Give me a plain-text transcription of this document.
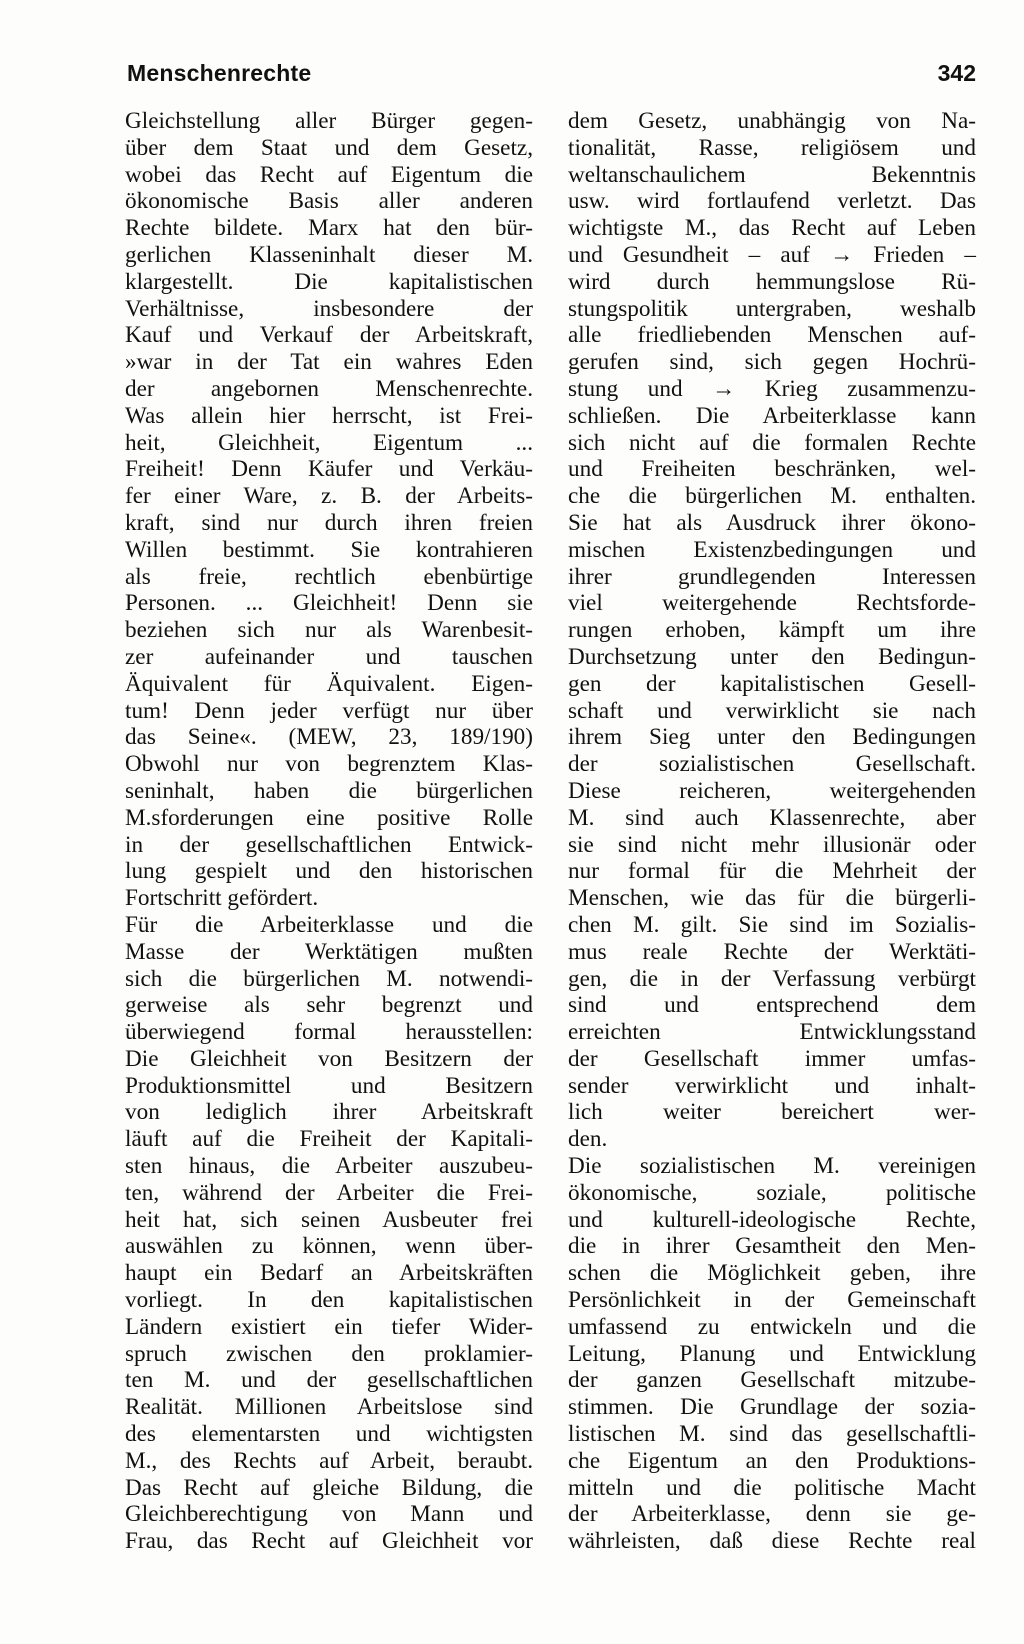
Menschenrechte	342
Gleichstellung aller Bürger gegen-
über dem Staat und dem Gesetz,
wobei das Recht auf Eigentum die
ökonomische Basis aller anderen
Rechte bildete. Marx hat den bür-
gerlichen Klasseninhalt dieser M.
klargestellt. Die kapitalistischen
Verhältnisse, insbesondere der
Kauf und Verkauf der Arbeitskraft,
»war in der Tat ein wahres Eden
der angebornen Menschenrechte.
Was allein hier herrscht, ist Frei-
heit, Gleichheit, Eigentum ...
Freiheit! Denn Käufer und Verkäu-
fer einer Ware, z. B. der Arbeits-
kraft, sind nur durch ihren freien
Willen bestimmt. Sie kontrahieren
als freie, rechtlich ebenbürtige
Personen. ... Gleichheit! Denn sie
beziehen sich nur als Warenbesit-
zer aufeinander und tauschen
Äquivalent für Äquivalent. Eigen-
tum! Denn jeder verfügt nur über
das Seine«. (MEW, 23, 189/190)
Obwohl nur von begrenztem Klas-
seninhalt, haben die bürgerlichen
M.sforderungen eine positive Rolle
in der gesellschaftlichen Entwick-
lung gespielt und den historischen
Fortschritt gefördert.
Für die Arbeiterklasse und die
Masse der Werktätigen mußten
sich die bürgerlichen M. notwendi-
gerweise als sehr begrenzt und
überwiegend formal herausstellen:
Die Gleichheit von Besitzern der
Produktionsmittel und Besitzern
von lediglich ihrer Arbeitskraft
läuft auf die Freiheit der Kapitali-
sten hinaus, die Arbeiter auszubeu-
ten, während der Arbeiter die Frei-
heit hat, sich seinen Ausbeuter frei
auswählen zu können, wenn über-
haupt ein Bedarf an Arbeitskräften
vorliegt. In den kapitalistischen
Ländern existiert ein tiefer Wider-
spruch zwischen den proklamier-
ten M. und der gesellschaftlichen
Realität. Millionen Arbeitslose sind
des elementarsten und wichtigsten
M., des Rechts auf Arbeit, beraubt.
Das Recht auf gleiche Bildung, die
Gleichberechtigung von Mann und
Frau, das Recht auf Gleichheit vor
dem Gesetz, unabhängig von Na-
tionalität, Rasse, religiösem und
weltanschaulichem Bekenntnis
usw. wird fortlaufend verletzt. Das
wichtigste M., das Recht auf Leben
und Gesundheit – auf → Frieden –
wird durch hemmungslose Rü-
stungspolitik untergraben, weshalb
alle friedliebenden Menschen auf-
gerufen sind, sich gegen Hochrü-
stung und → Krieg zusammenzu-
schließen. Die Arbeiterklasse kann
sich nicht auf die formalen Rechte
und Freiheiten beschränken, wel-
che die bürgerlichen M. enthalten.
Sie hat als Ausdruck ihrer ökono-
mischen Existenzbedingungen und
ihrer grundlegenden Interessen
viel weitergehende Rechtsforde-
rungen erhoben, kämpft um ihre
Durchsetzung unter den Bedingun-
gen der kapitalistischen Gesell-
schaft und verwirklicht sie nach
ihrem Sieg unter den Bedingungen
der sozialistischen Gesellschaft.
Diese reicheren, weitergehenden
M. sind auch Klassenrechte, aber
sie sind nicht mehr illusionär oder
nur formal für die Mehrheit der
Menschen, wie das für die bürgerli-
chen M. gilt. Sie sind im Sozialis-
mus reale Rechte der Werktäti-
gen, die in der Verfassung verbürgt
sind und entsprechend dem
erreichten Entwicklungsstand
der Gesellschaft immer umfas-
sender verwirklicht und inhalt-
lich weiter bereichert wer-
den.
Die sozialistischen M. vereinigen
ökonomische, soziale, politische
und kulturell-ideologische Rechte,
die in ihrer Gesamtheit den Men-
schen die Möglichkeit geben, ihre
Persönlichkeit in der Gemeinschaft
umfassend zu entwickeln und die
Leitung, Planung und Entwicklung
der ganzen Gesellschaft mitzube-
stimmen. Die Grundlage der sozia-
listischen M. sind das gesellschaftli-
che Eigentum an den Produktions-
mitteln und die politische Macht
der Arbeiterklasse, denn sie ge-
währleisten, daß diese Rechte real
